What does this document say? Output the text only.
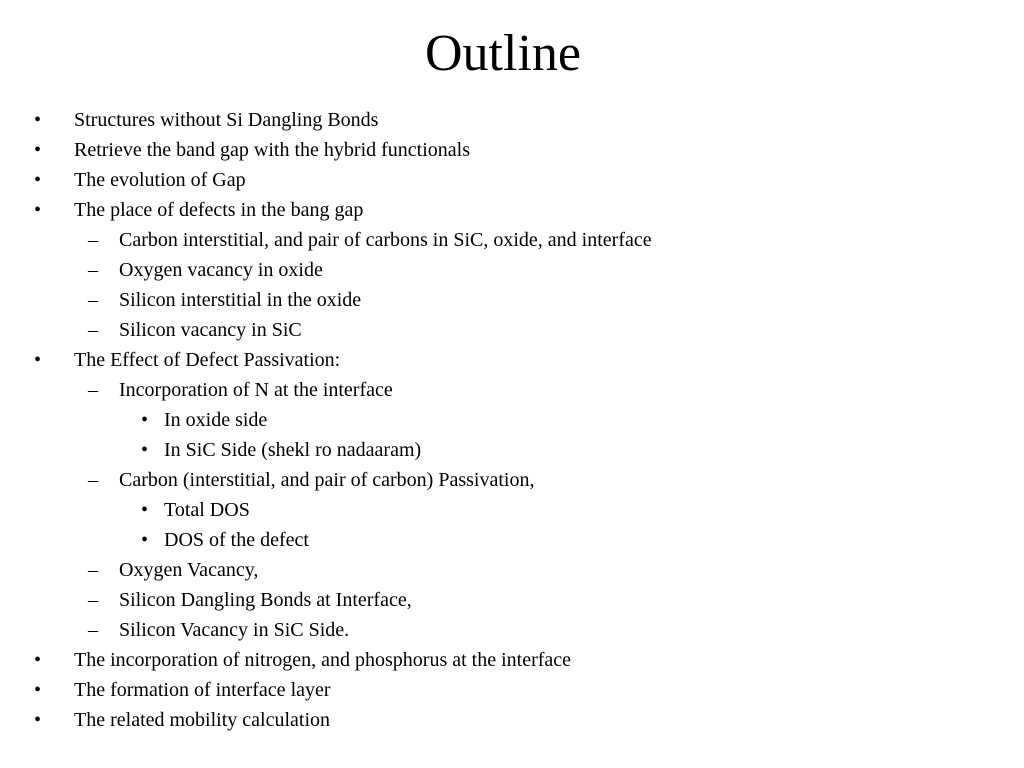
Outline
• Structures without Si Dangling Bonds
• Retrieve the band gap with the hybrid functionals
• The evolution of Gap
• The place of defects in the bang gap
– Carbon interstitial, and pair of carbons in SiC, oxide, and interface
– Oxygen vacancy in oxide
– Silicon interstitial in the oxide
– Silicon vacancy in SiC
• The Effect of Defect Passivation:
– Incorporation of N at the interface
• In oxide side
• In SiC Side (shekl ro nadaaram)
– Carbon (interstitial, and pair of carbon) Passivation,
• Total DOS
• DOS of the defect
– Oxygen Vacancy,
– Silicon Dangling Bonds at Interface,
– Silicon Vacancy in SiC Side.
• The incorporation of nitrogen, and phosphorus at the interface
• The formation of interface layer
• The related mobility calculation
